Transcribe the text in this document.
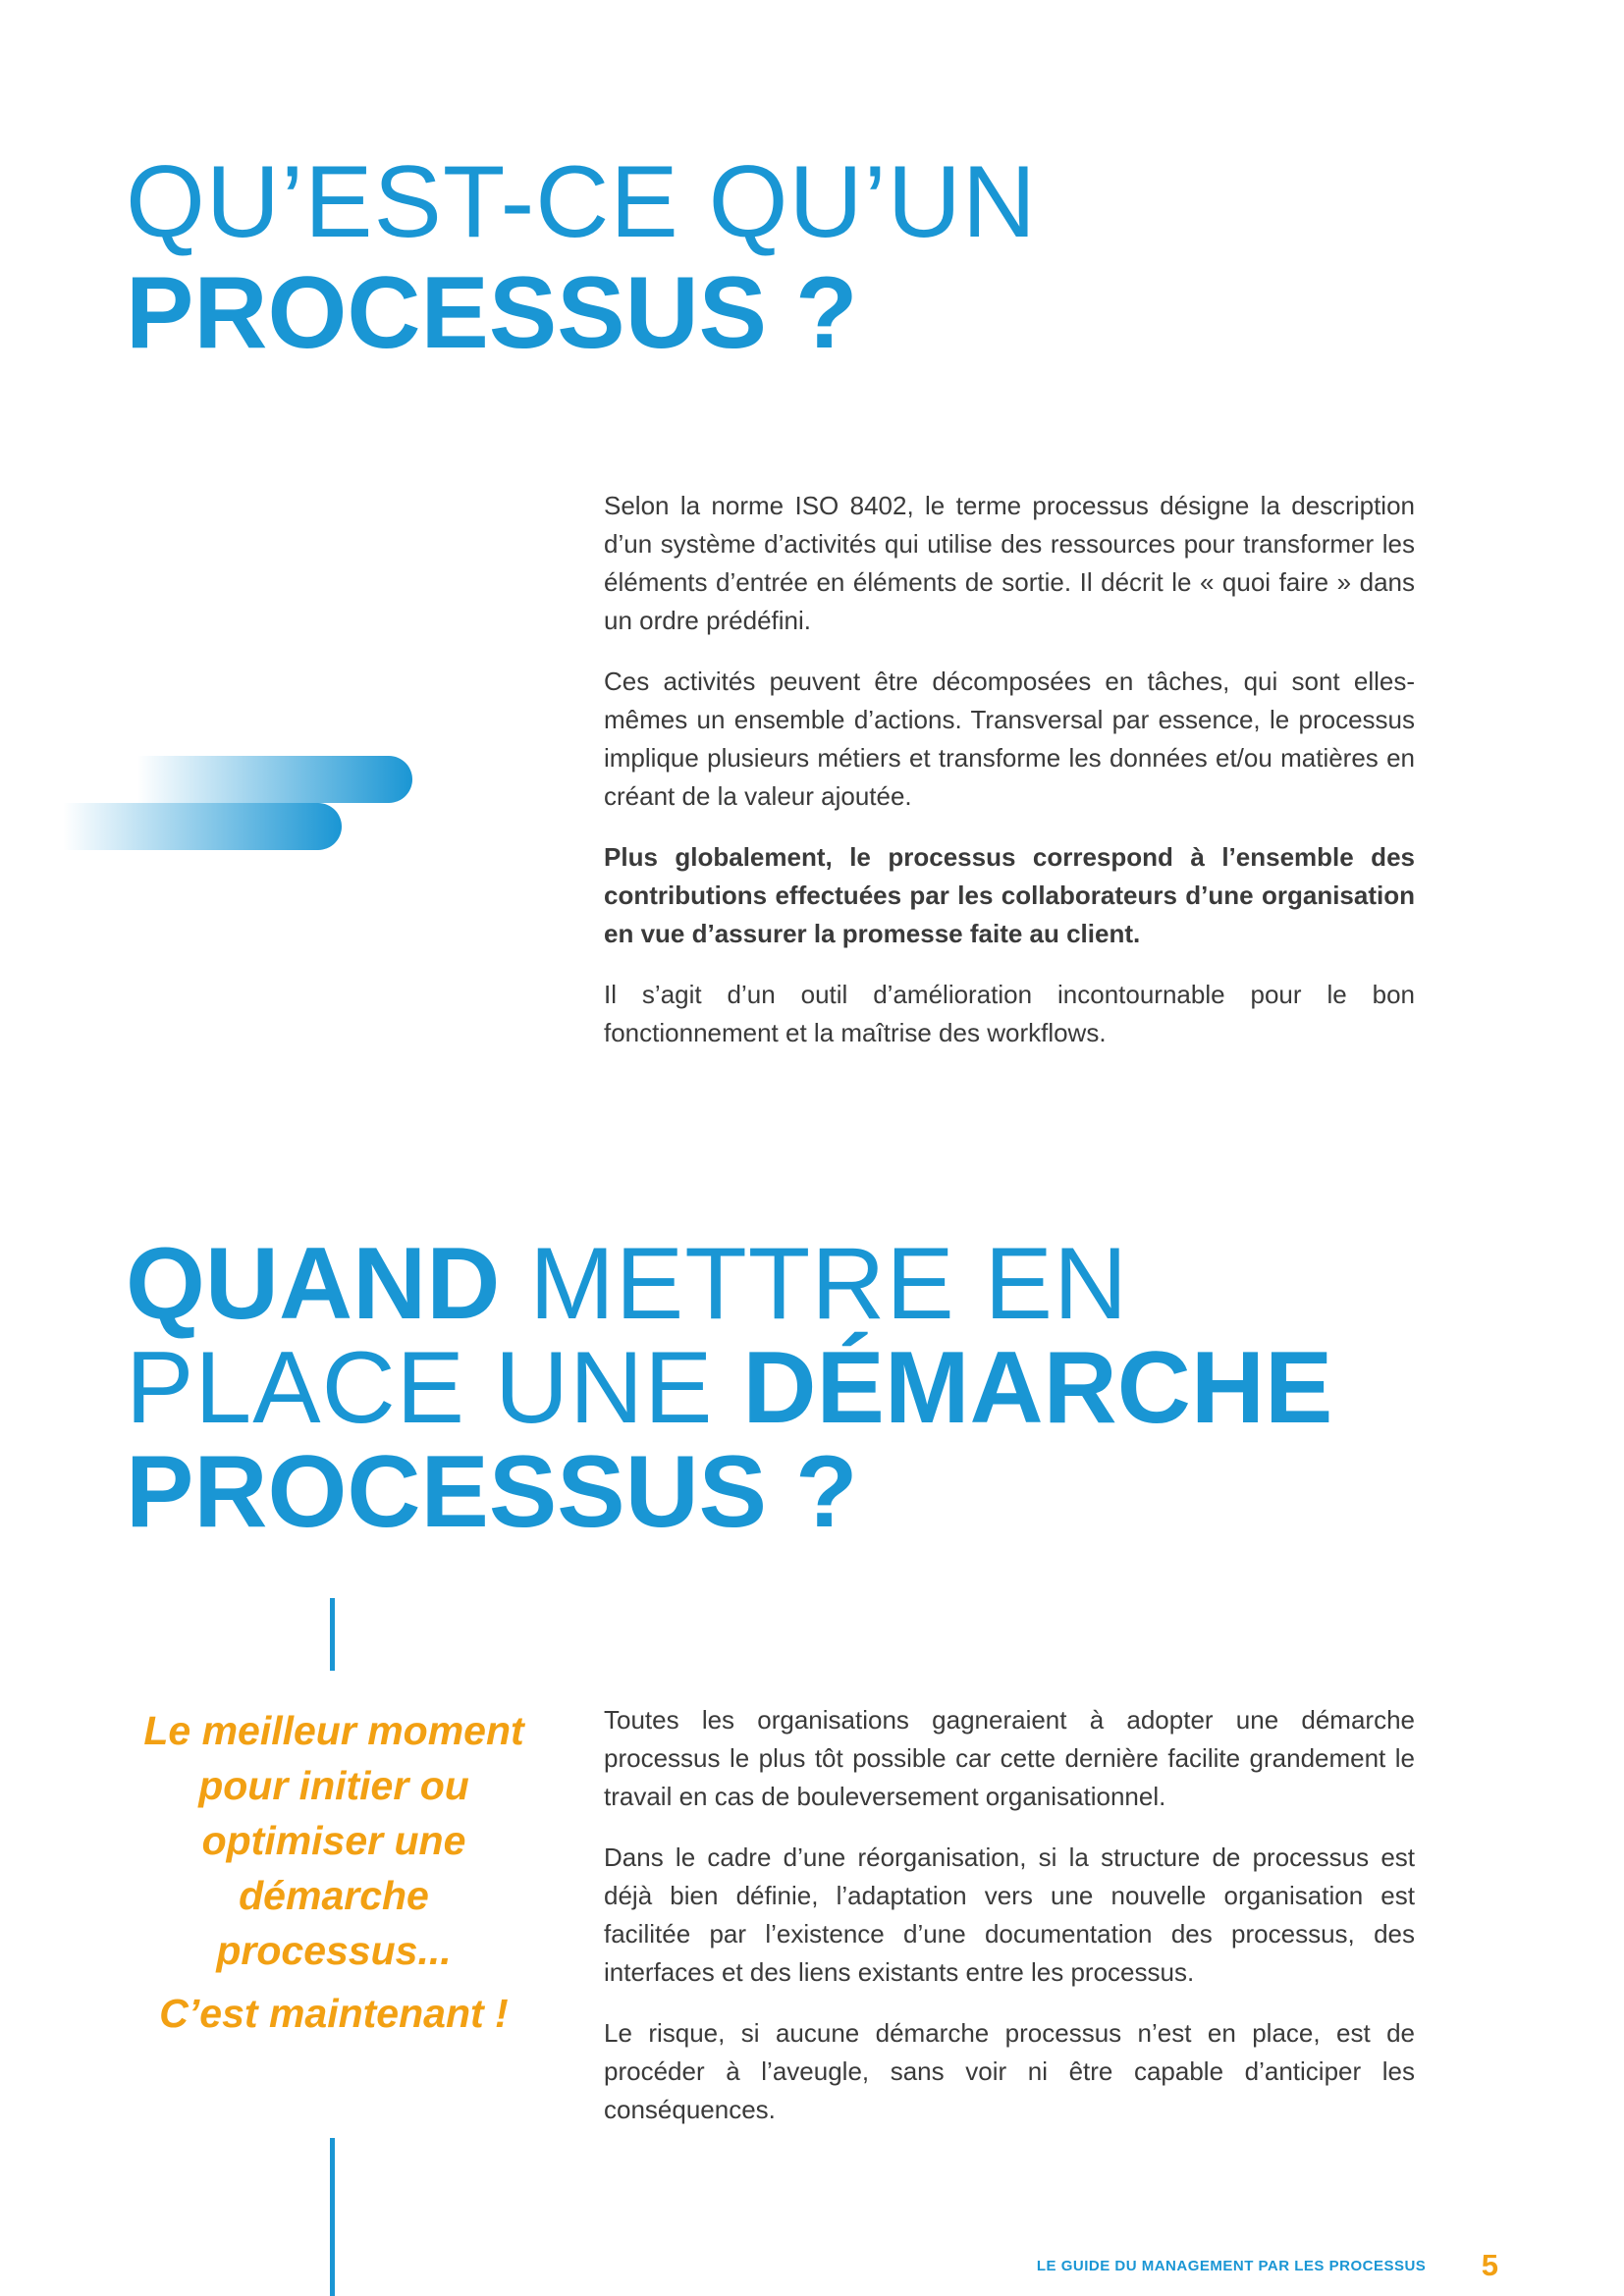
QU’EST-CE QU’UN
PROCESSUS ?

Selon la norme ISO 8402, le terme processus désigne la description d’un système d’activités qui utilise des ressources pour transformer les éléments d’entrée en éléments de sortie. Il décrit le « quoi faire » dans un ordre prédéfini.

Ces activités peuvent être décomposées en tâches, qui sont elles-mêmes un ensemble d’actions. Transversal par essence, le processus implique plusieurs métiers et transforme les données et/ou matières en créant de la valeur ajoutée.

Plus globalement, le processus correspond à l’ensemble des contributions effectuées par les collaborateurs d’une organisation en vue d’assurer la promesse faite au client.

Il s’agit d’un outil d’amélioration incontournable pour le bon fonctionnement et la maîtrise des workflows.

QUAND METTRE EN
PLACE UNE DÉMARCHE
PROCESSUS ?

Le meilleur moment pour initier ou optimiser une démarche processus...

C’est maintenant !

Toutes les organisations gagneraient à adopter une démarche processus le plus tôt possible car cette dernière facilite grandement le travail en cas de bouleversement organisationnel.

Dans le cadre d’une réorganisation, si la structure de processus est déjà bien définie, l’adaptation vers une nouvelle organisation est facilitée par l’existence d’une documentation des processus, des interfaces et des liens existants entre les processus.

Le risque, si aucune démarche processus n’est en place, est de procéder à l’aveugle, sans voir ni être capable d’anticiper les conséquences.

LE GUIDE DU MANAGEMENT PAR LES PROCESSUS 5
